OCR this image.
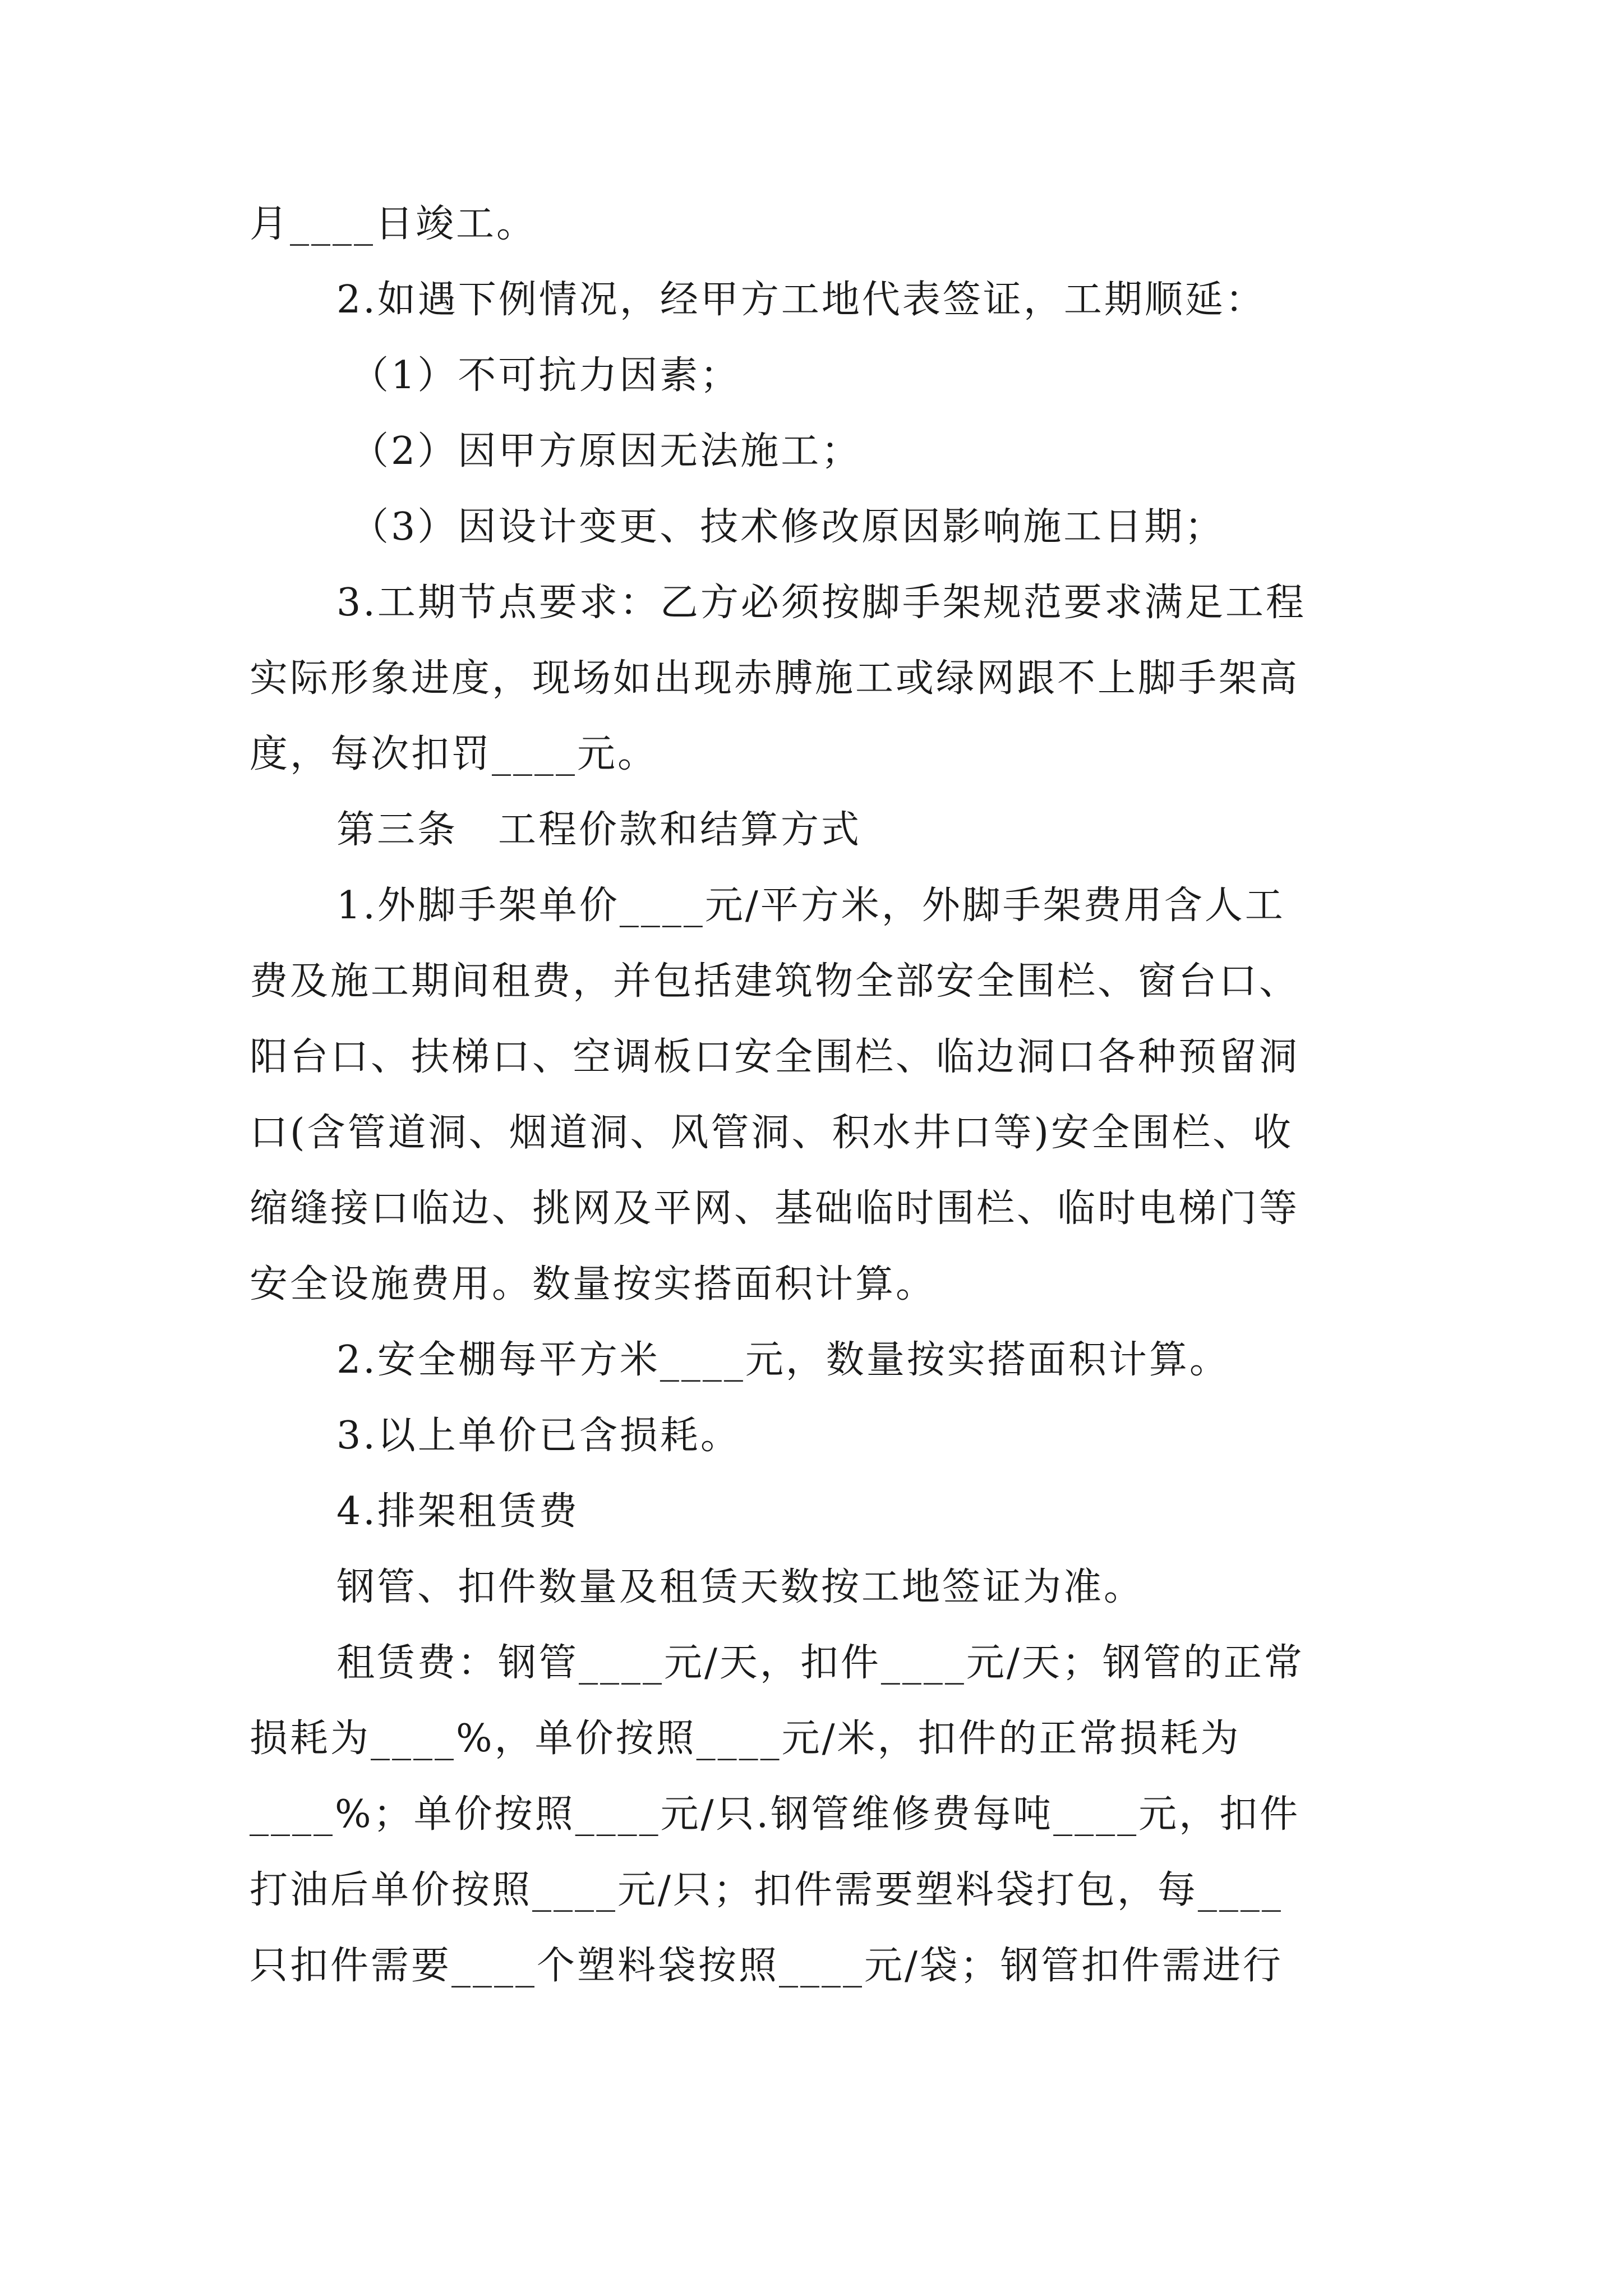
月____日竣工。
2.如遇下例情况，经甲方工地代表签证，工期顺延：
（1）不可抗力因素；
（2）因甲方原因无法施工；
（3）因设计变更、技术修改原因影响施工日期；
3.工期节点要求：乙方必须按脚手架规范要求满足工程
实际形象进度，现场如出现赤膊施工或绿网跟不上脚手架高
度，每次扣罚____元。
第三条　工程价款和结算方式
1.外脚手架单价____元/平方米，外脚手架费用含人工
费及施工期间租费，并包括建筑物全部安全围栏、窗台口、
阳台口、扶梯口、空调板口安全围栏、临边洞口各种预留洞
口(含管道洞、烟道洞、风管洞、积水井口等)安全围栏、收
缩缝接口临边、挑网及平网、基础临时围栏、临时电梯门等
安全设施费用。数量按实搭面积计算。
2.安全棚每平方米____元，数量按实搭面积计算。
3.以上单价已含损耗。
4.排架租赁费
钢管、扣件数量及租赁天数按工地签证为准。
租赁费：钢管____元/天，扣件____元/天；钢管的正常
损耗为____%，单价按照____元/米，扣件的正常损耗为
____%；单价按照____元/只.钢管维修费每吨____元，扣件
打油后单价按照____元/只；扣件需要塑料袋打包，每____
只扣件需要____个塑料袋按照____元/袋；钢管扣件需进行
